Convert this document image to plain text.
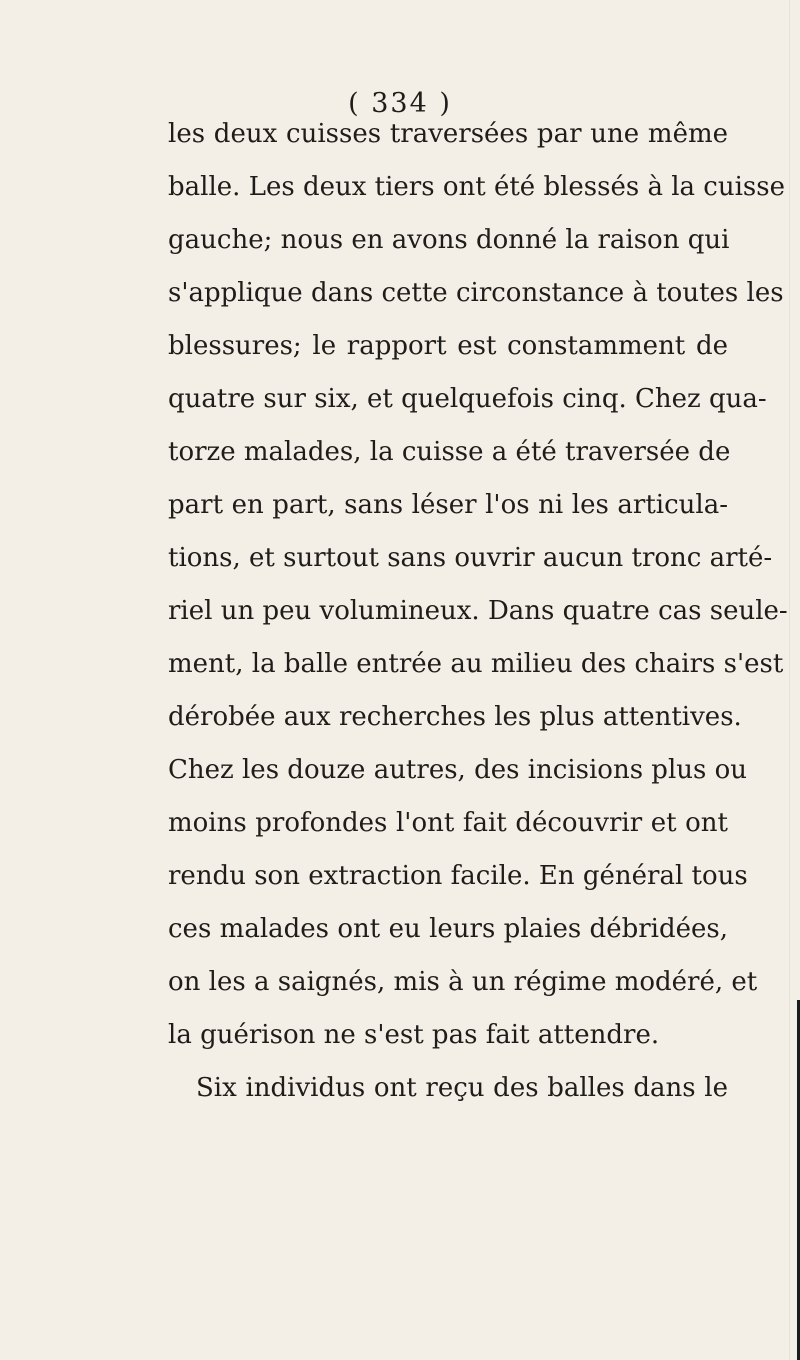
( 334 )
les deux cuisses traversées par une même
balle. Les deux tiers ont été blessés à la cuisse
gauche; nous en avons donné la raison qui
s'applique dans cette circonstance à toutes les
blessures; le rapport est constamment de
quatre sur six, et quelquefois cinq. Chez qua-
torze malades, la cuisse a été traversée de
part en part, sans léser l'os ni les articula-
tions, et surtout sans ouvrir aucun tronc arté-
riel un peu volumineux. Dans quatre cas seule-
ment, la balle entrée au milieu des chairs s'est
dérobée aux recherches les plus attentives.
Chez les douze autres, des incisions plus ou
moins profondes l'ont fait découvrir et ont
rendu son extraction facile. En général tous
ces malades ont eu leurs plaies débridées,
on les a saignés, mis à un régime modéré, et
la guérison ne s'est pas fait attendre.
Six individus ont reçu des balles dans le
